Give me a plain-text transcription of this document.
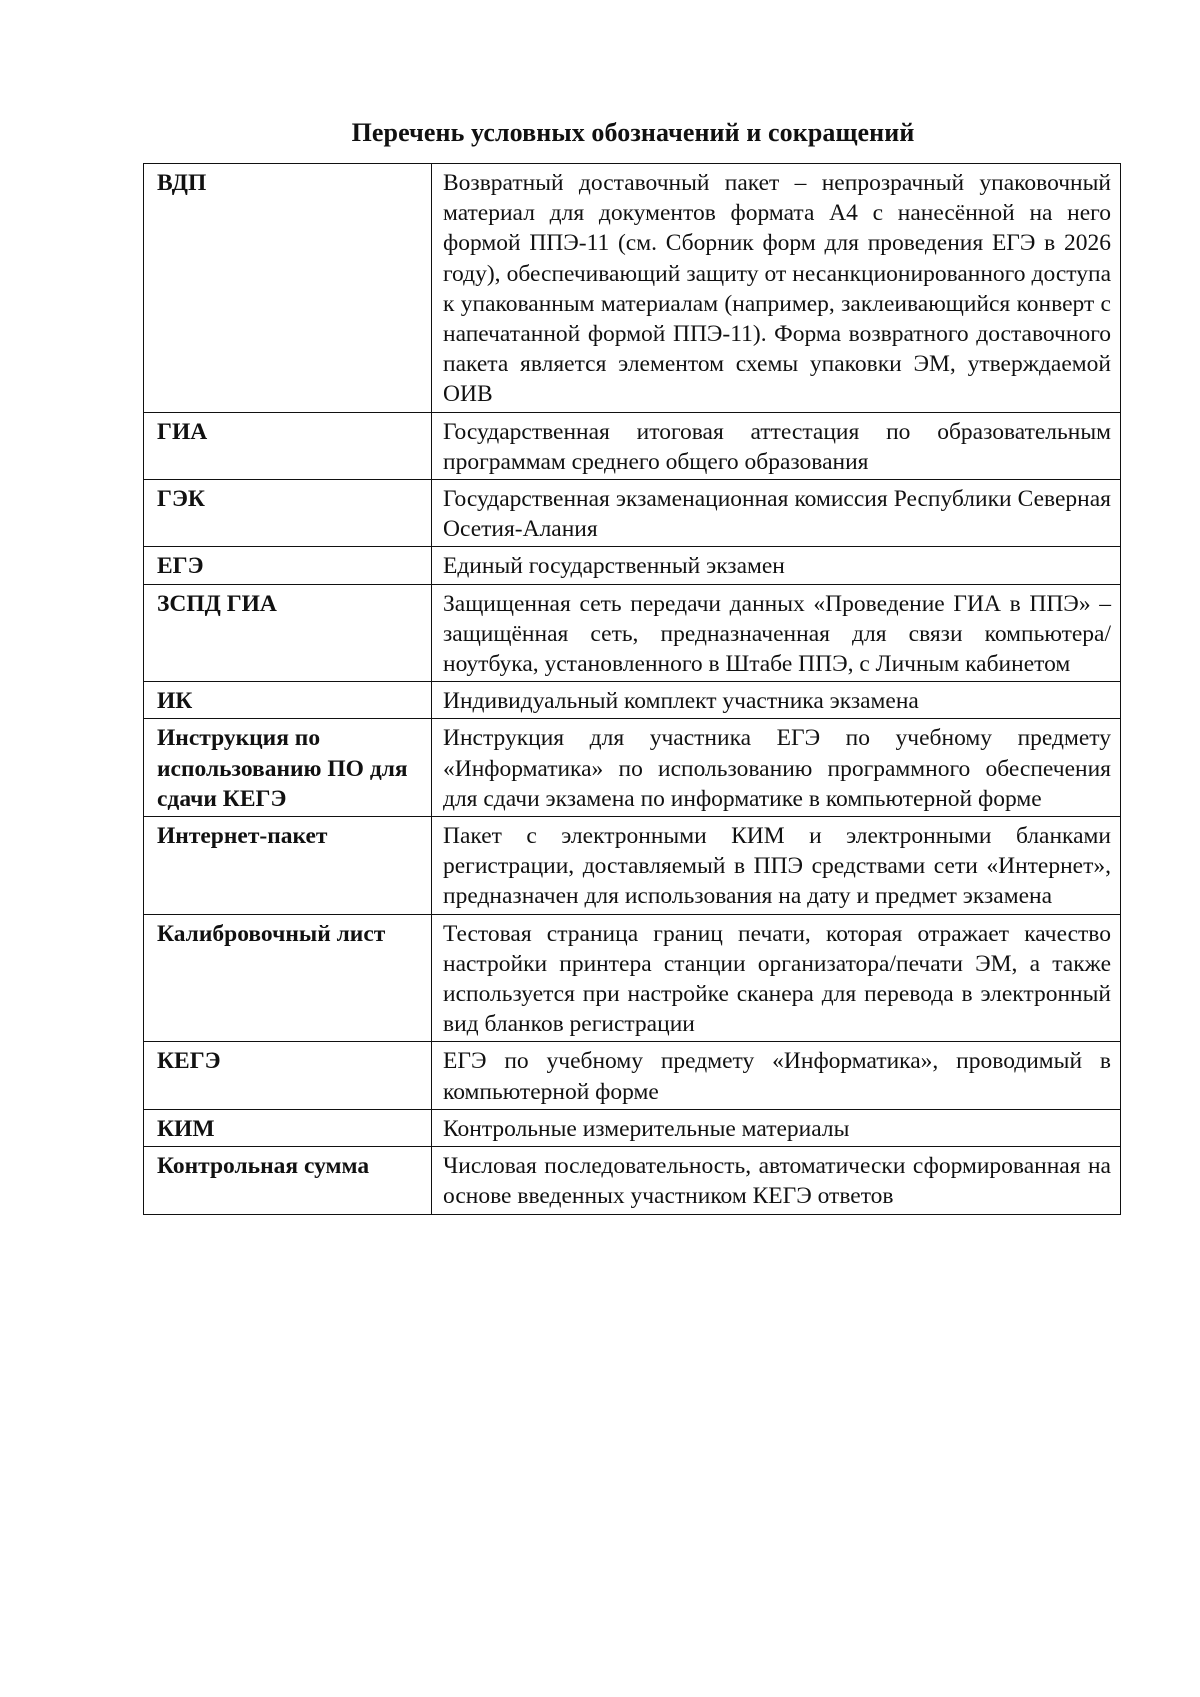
Перечень условных обозначений и сокращений
ВДП	Возвратный доставочный пакет – непрозрачный упаковочный материал для документов формата А4 с нанесённой на него формой ППЭ-11 (см. Сборник форм для проведения ЕГЭ в 2026 году), обеспечивающий защиту от несанкционированного доступа к упакованным материалам (например, заклеивающийся конверт с напечатанной формой ППЭ-11). Форма возвратного доставочного пакета является элементом схемы упаковки ЭМ, утверждаемой ОИВ
ГИА	Государственная итоговая аттестация по образовательным программам среднего общего образования
ГЭК	Государственная экзаменационная комиссия Республики Северная Осетия-Алания
ЕГЭ	Единый государственный экзамен
ЗСПД ГИА	Защищенная сеть передачи данных «Проведение ГИА в ППЭ» – защищённая сеть, предназначенная для связи компьютера/ноутбука, установленного в Штабе ППЭ, с Личным кабинетом
ИК	Индивидуальный комплект участника экзамена
Инструкция по использованию ПО для сдачи КЕГЭ	Инструкция для участника ЕГЭ по учебному предмету «Информатика» по использованию программного обеспечения для сдачи экзамена по информатике в компьютерной форме
Интернет-пакет	Пакет с электронными КИМ и электронными бланками регистрации, доставляемый в ППЭ средствами сети «Интернет», предназначен для использования на дату и предмет экзамена
Калибровочный лист	Тестовая страница границ печати, которая отражает качество настройки принтера станции организатора/печати ЭМ, а также используется при настройке сканера для перевода в электронный вид бланков регистрации
КЕГЭ	ЕГЭ по учебному предмету «Информатика», проводимый в компьютерной форме
КИМ	Контрольные измерительные материалы
Контрольная сумма	Числовая последовательность, автоматически сформированная на основе введенных участником КЕГЭ ответов
